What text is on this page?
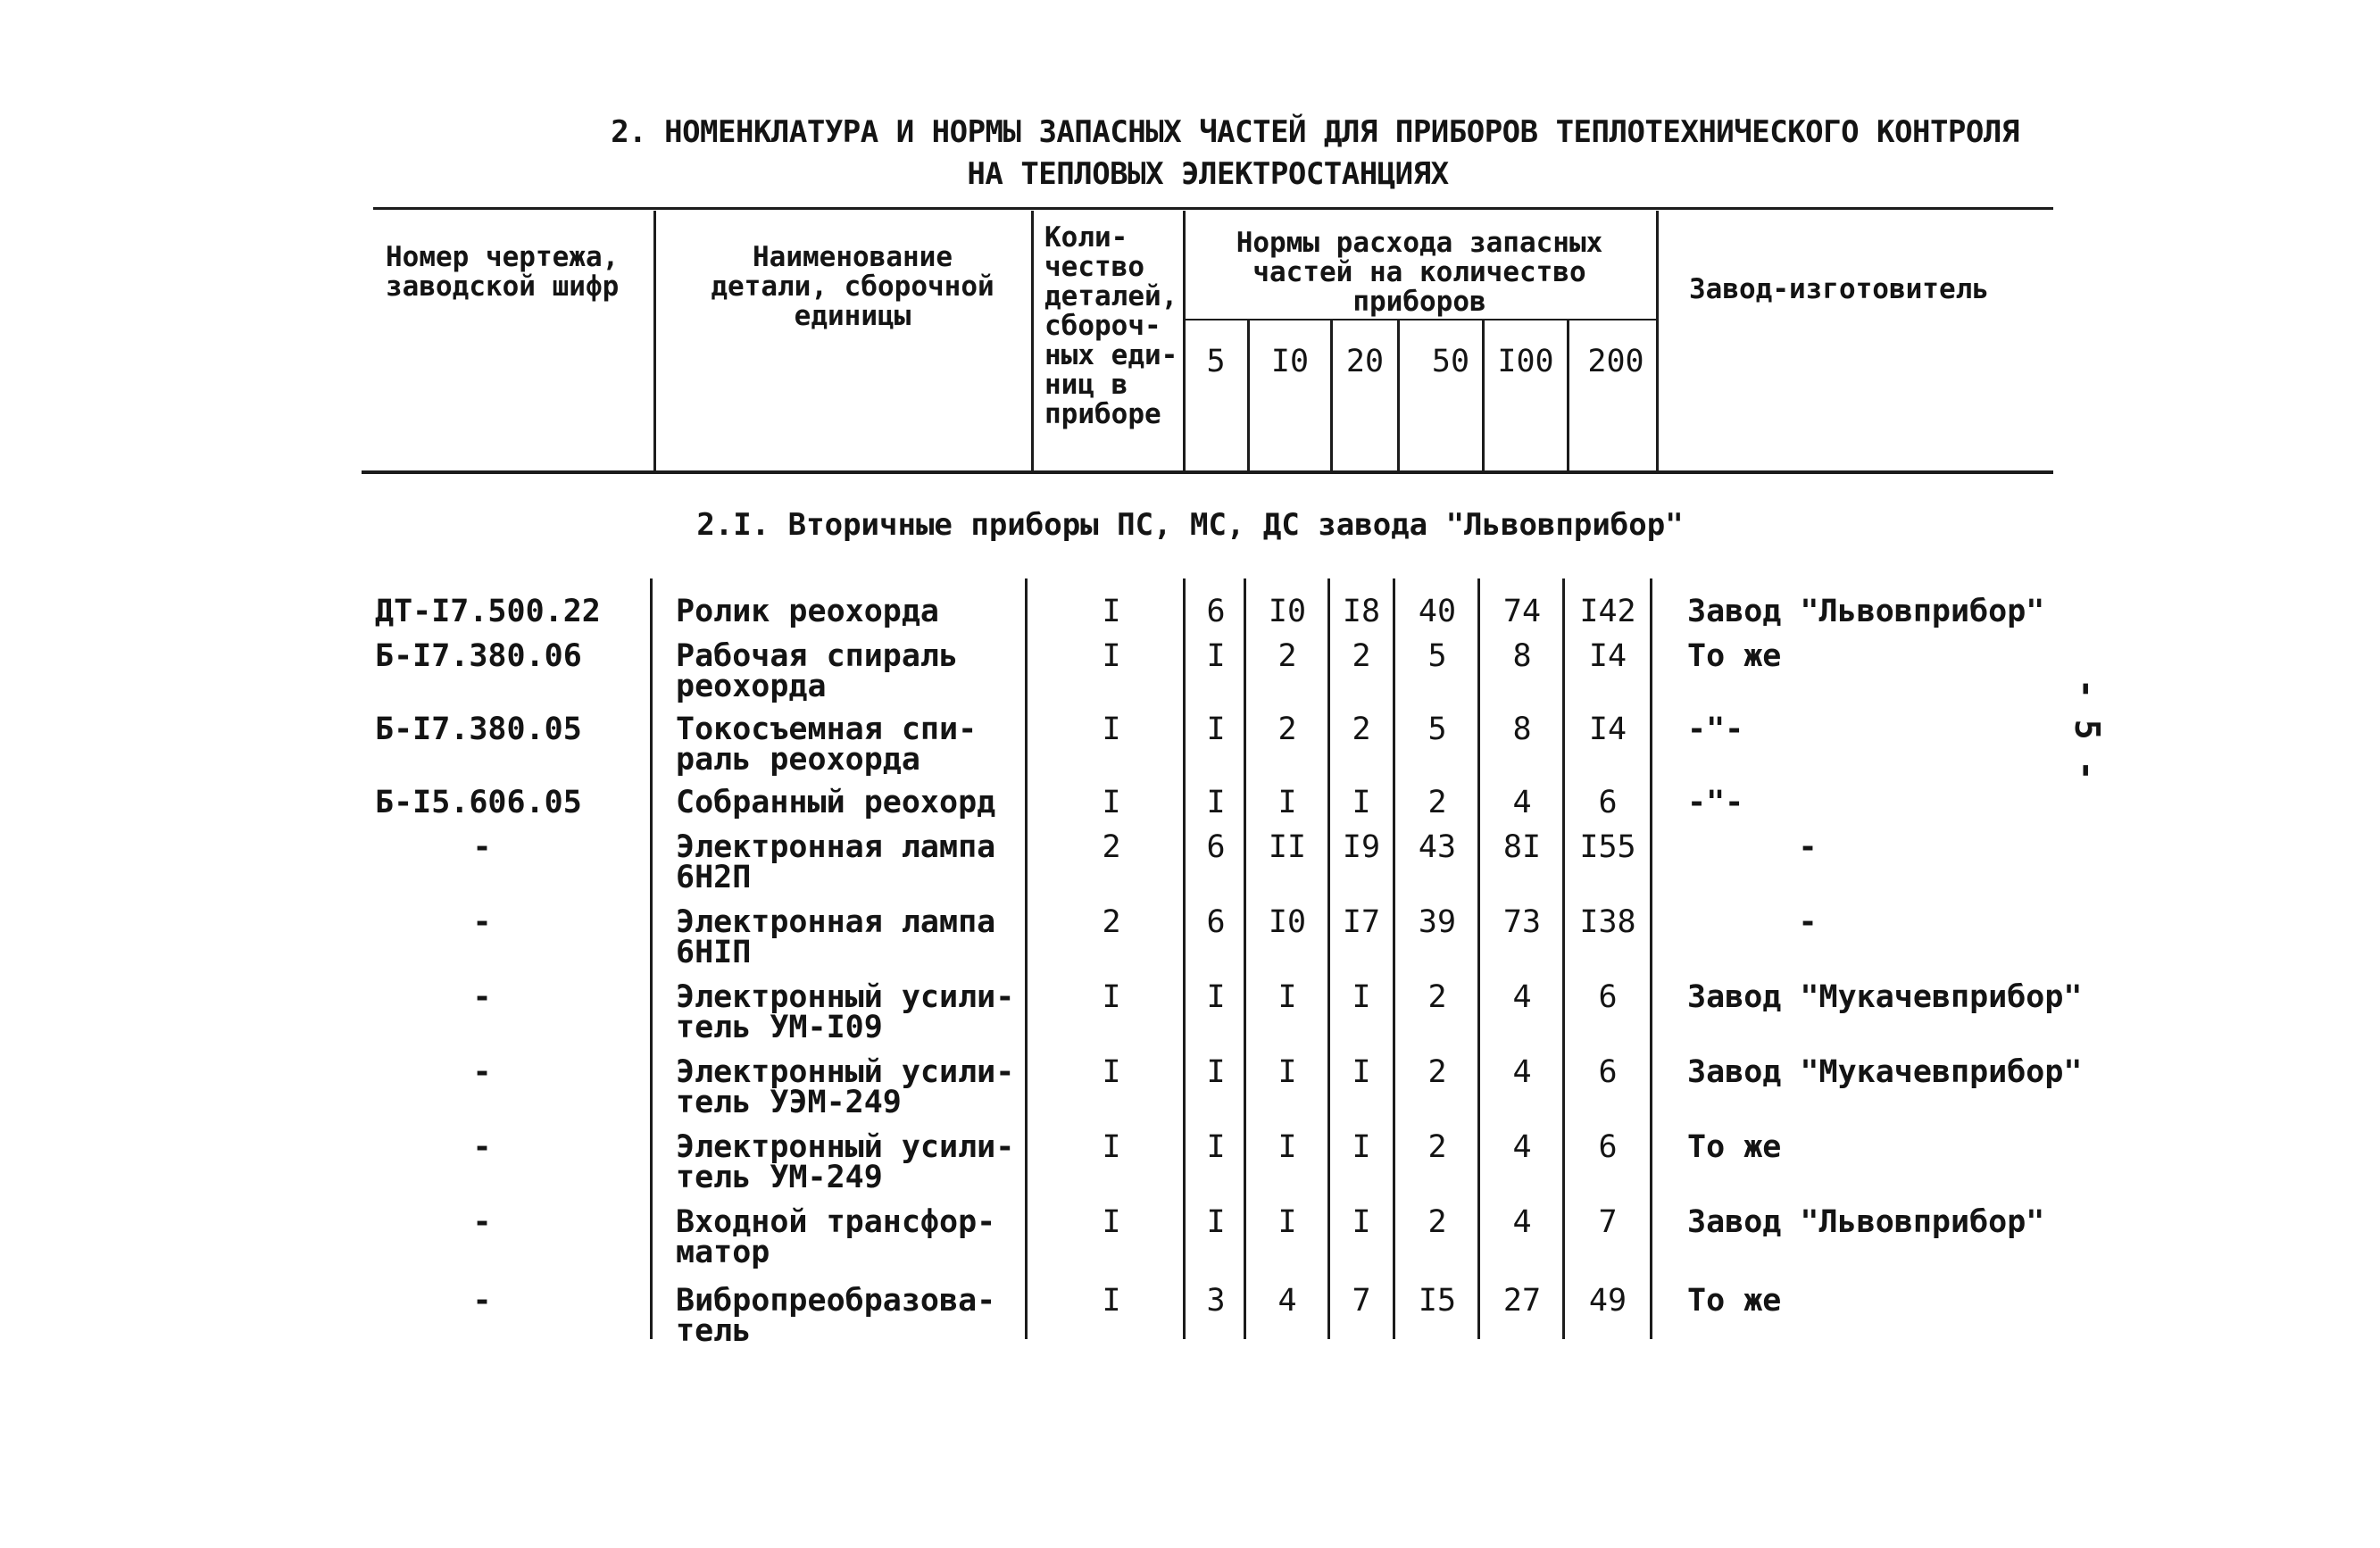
2. НОМЕНКЛАТУРА И НОРМЫ ЗАПАСНЫХ ЧАСТЕЙ ДЛЯ ПРИБОРОВ ТЕПЛОТЕХНИЧЕСКОГО КОНТРОЛЯ
НА ТЕПЛОВЫХ ЭЛЕКТРОСТАНЦИЯХ
Номер чертежа,
заводской шифр
Наименование
детали, сборочной
единицы
Коли-
чество
деталей,
сбороч-
ных еди-
ниц в
приборе
Нормы расхода запасных
частей на количество
приборов	Завод-изготовитель
5	I0	20	50 I00	200
2.I. Вторичные приборы ПС, МС, ДС завода "Львовприбор"
ДТ-I7.500.22	Ролик реохорда	I	6	I0	I8	40	74	I42	Завод "Львовприбор"
Б-I7.380.06	Рабочая спираль
реохорда
I	I	2	2	5	8	I4	То же
Б-I7.380.05	Токосъемная спи-
раль реохорда
I	I	2	2	5	8	I4	-"-
Б-I5.606.05	Собранный реохорд	I	I	I	I	2	4	6	-"-
-	Электронная лампа
6Н2П
2	6	II	I9	43	8I	I55	-
-	Электронная лампа
6НIП
2	6	I0	I7	39	73	I38	-
-	Электронный усили-
тель УМ-I09
I	I	I	I	2	4	6	Завод "Мукачевприбор"
-	Электронный усили-
тель УЭМ-249
I	I	I	I	2	4	6	Завод "Мукачевприбор"
-	Электронный усили-
тель УМ-249
I	I	I	I	2	4	6	То же
-	Входной трансфор-
матор
I	I	I	I	2	4	7	Завод "Львовприбор"
-	Вибропреобразова-
тель
I	3	4	7	I5	27	49	То же
- 5 -
